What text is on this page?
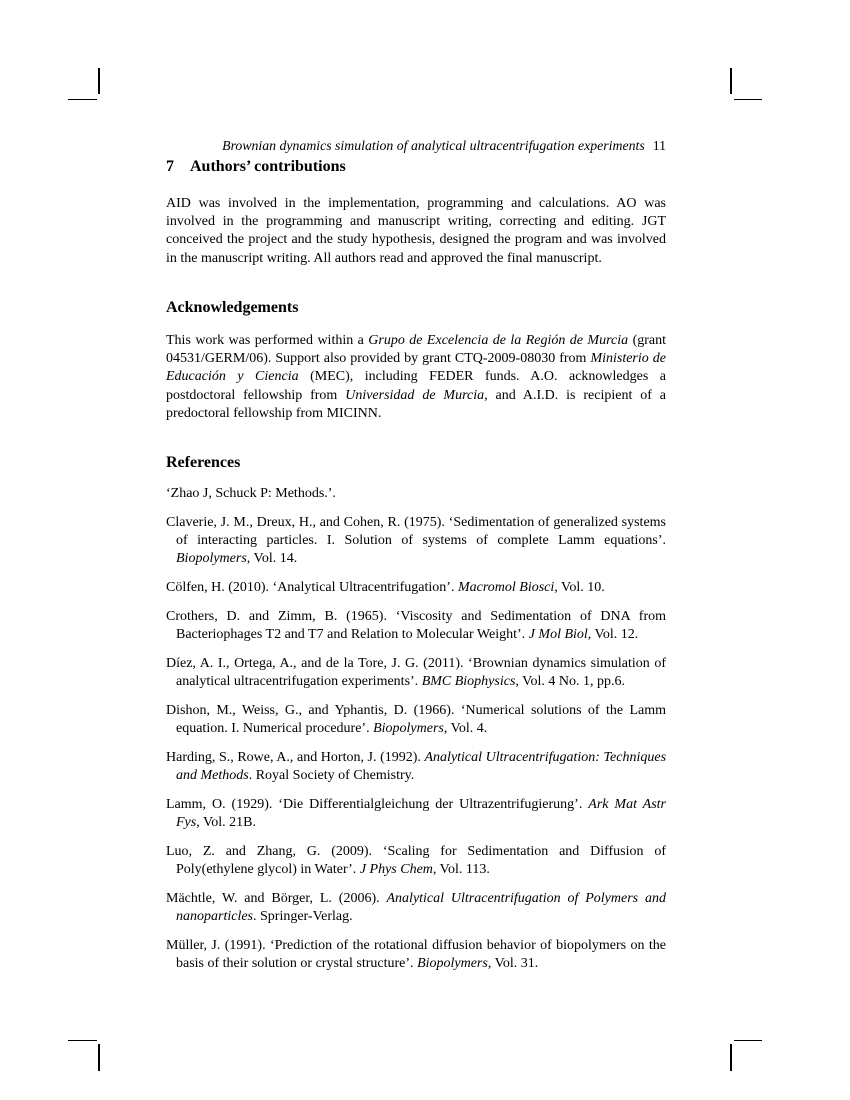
Brownian dynamics simulation of analytical ultracentrifugation experiments 11
7 Authors’ contributions
AID was involved in the implementation, programming and calculations. AO was involved in the programming and manuscript writing, correcting and editing. JGT conceived the project and the study hypothesis, designed the program and was involved in the manuscript writing. All authors read and approved the final manuscript.
Acknowledgements
This work was performed within a Grupo de Excelencia de la Región de Murcia (grant 04531/GERM/06). Support also provided by grant CTQ-2009-08030 from Ministerio de Educación y Ciencia (MEC), including FEDER funds. A.O. acknowledges a postdoctoral fellowship from Universidad de Murcia, and A.I.D. is recipient of a predoctoral fellowship from MICINN.
References
‘Zhao J, Schuck P: Methods.’.
Claverie, J. M., Dreux, H., and Cohen, R. (1975). ‘Sedimentation of generalized systems of interacting particles. I. Solution of systems of complete Lamm equations’. Biopolymers, Vol. 14.
Cölfen, H. (2010). ‘Analytical Ultracentrifugation’. Macromol Biosci, Vol. 10.
Crothers, D. and Zimm, B. (1965). ‘Viscosity and Sedimentation of DNA from Bacteriophages T2 and T7 and Relation to Molecular Weight’. J Mol Biol, Vol. 12.
Díez, A. I., Ortega, A., and de la Tore, J. G. (2011). ‘Brownian dynamics simulation of analytical ultracentrifugation experiments’. BMC Biophysics, Vol. 4 No. 1, pp.6.
Dishon, M., Weiss, G., and Yphantis, D. (1966). ‘Numerical solutions of the Lamm equation. I. Numerical procedure’. Biopolymers, Vol. 4.
Harding, S., Rowe, A., and Horton, J. (1992). Analytical Ultracentrifugation: Techniques and Methods. Royal Society of Chemistry.
Lamm, O. (1929). ‘Die Differentialgleichung der Ultrazentrifugierung’. Ark Mat Astr Fys, Vol. 21B.
Luo, Z. and Zhang, G. (2009). ‘Scaling for Sedimentation and Diffusion of Poly(ethylene glycol) in Water’. J Phys Chem, Vol. 113.
Mächtle, W. and Börger, L. (2006). Analytical Ultracentrifugation of Polymers and nanoparticles. Springer-Verlag.
Müller, J. (1991). ‘Prediction of the rotational diffusion behavior of biopolymers on the basis of their solution or crystal structure’. Biopolymers, Vol. 31.
